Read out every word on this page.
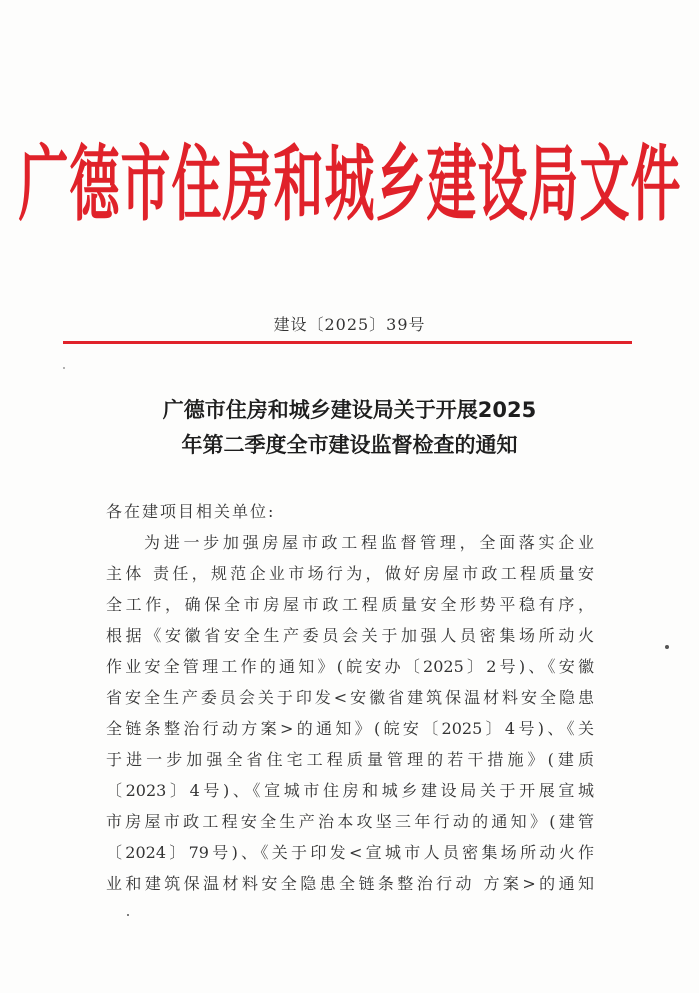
广德市住房和城乡建设局文件
建设〔2025〕39号
广德市住房和城乡建设局关于开展2025
年第二季度全市建设监督检查的通知
各在建项目相关单位:
为进一步加强房屋市政工程监督管理，全面落实企业
主体 责任，规范企业市场行为，做好房屋市政工程质量安
全工作，确保全市房屋市政工程质量安全形势平稳有序，
根据《安徽省安全生产委员会关于加强人员密集场所动火
作业安全管理工作的通知》(皖安办〔2025〕2号)、《安徽
省安全生产委员会关于印发<安徽省建筑保温材料安全隐患
全链条整治行动方案>的通知》(皖安〔2025〕4号)、《关
于进一步加强全省住宅工程质量管理的若干措施》(建质
〔2023〕4号)、《宣城市住房和城乡建设局关于开展宣城
市房屋市政工程安全生产治本攻坚三年行动的通知》(建管
〔2024〕79号)、《关于印发<宣城市人员密集场所动火作
业和建筑保温材料安全隐患全链条整治行动 方案>的通知
